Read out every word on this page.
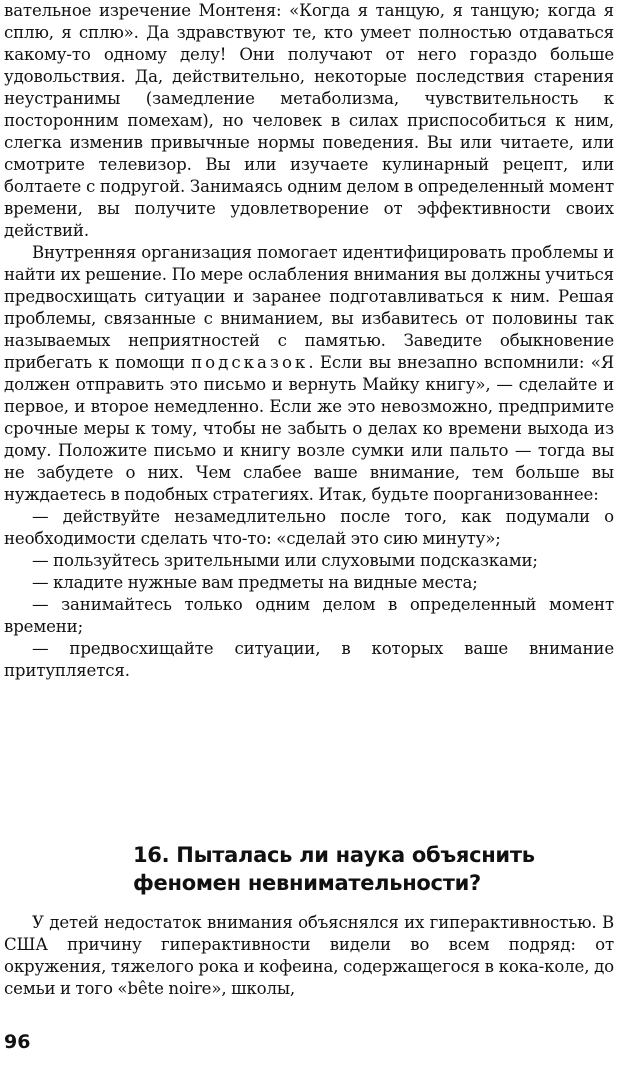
вательное изречение Монтеня: «Когда я танцую, я танцую; когда я сплю, я сплю». Да здравствуют те, кто умеет полностью отдаваться какому-то одному делу! Они получают от него гораздо больше удовольствия. Да, действительно, некоторые последствия старения неустранимы (замедление метаболизма, чувствительность к посторонним помехам), но человек в силах приспособиться к ним, слегка изменив привычные нормы поведения. Вы или читаете, или смотрите телевизор. Вы или изучаете кулинарный рецепт, или болтаете с подругой. Занимаясь одним делом в определенный момент времени, вы получите удовлетворение от эффективности своих действий.

Внутренняя организация помогает идентифицировать проблемы и найти их решение. По мере ослабления внимания вы должны учиться предвосхищать ситуации и заранее подготавливаться к ним. Решая проблемы, связанные с вниманием, вы избавитесь от половины так называемых неприятностей с памятью. Заведите обыкновение прибегать к помощи подсказок. Если вы внезапно вспомнили: «Я должен отправить это письмо и вернуть Майку книгу», — сделайте и первое, и второе немедленно. Если же это невозможно, предпримите срочные меры к тому, чтобы не забыть о делах ко времени выхода из дому. Положите письмо и книгу возле сумки или пальто — тогда вы не забудете о них. Чем слабее ваше внимание, тем больше вы нуждаетесь в подобных стратегиях. Итак, будьте поорганизованнее:

— действуйте незамедлительно после того, как подумали о необходимости сделать что-то: «сделай это сию минуту»;

— пользуйтесь зрительными или слуховыми подсказками;

— кладите нужные вам предметы на видные места;

— занимайтесь только одним делом в определенный момент времени;

— предвосхищайте ситуации, в которых ваше внимание притупляется.

16. Пыталась ли наука объяснить феномен невнимательности?

У детей недостаток внимания объяснялся их гиперактивностью. В США причину гиперактивности видели во всем подряд: от окружения, тяжелого рока и кофеина, содержащегося в кока-коле, до семьи и того «bête noire», школы,

96
